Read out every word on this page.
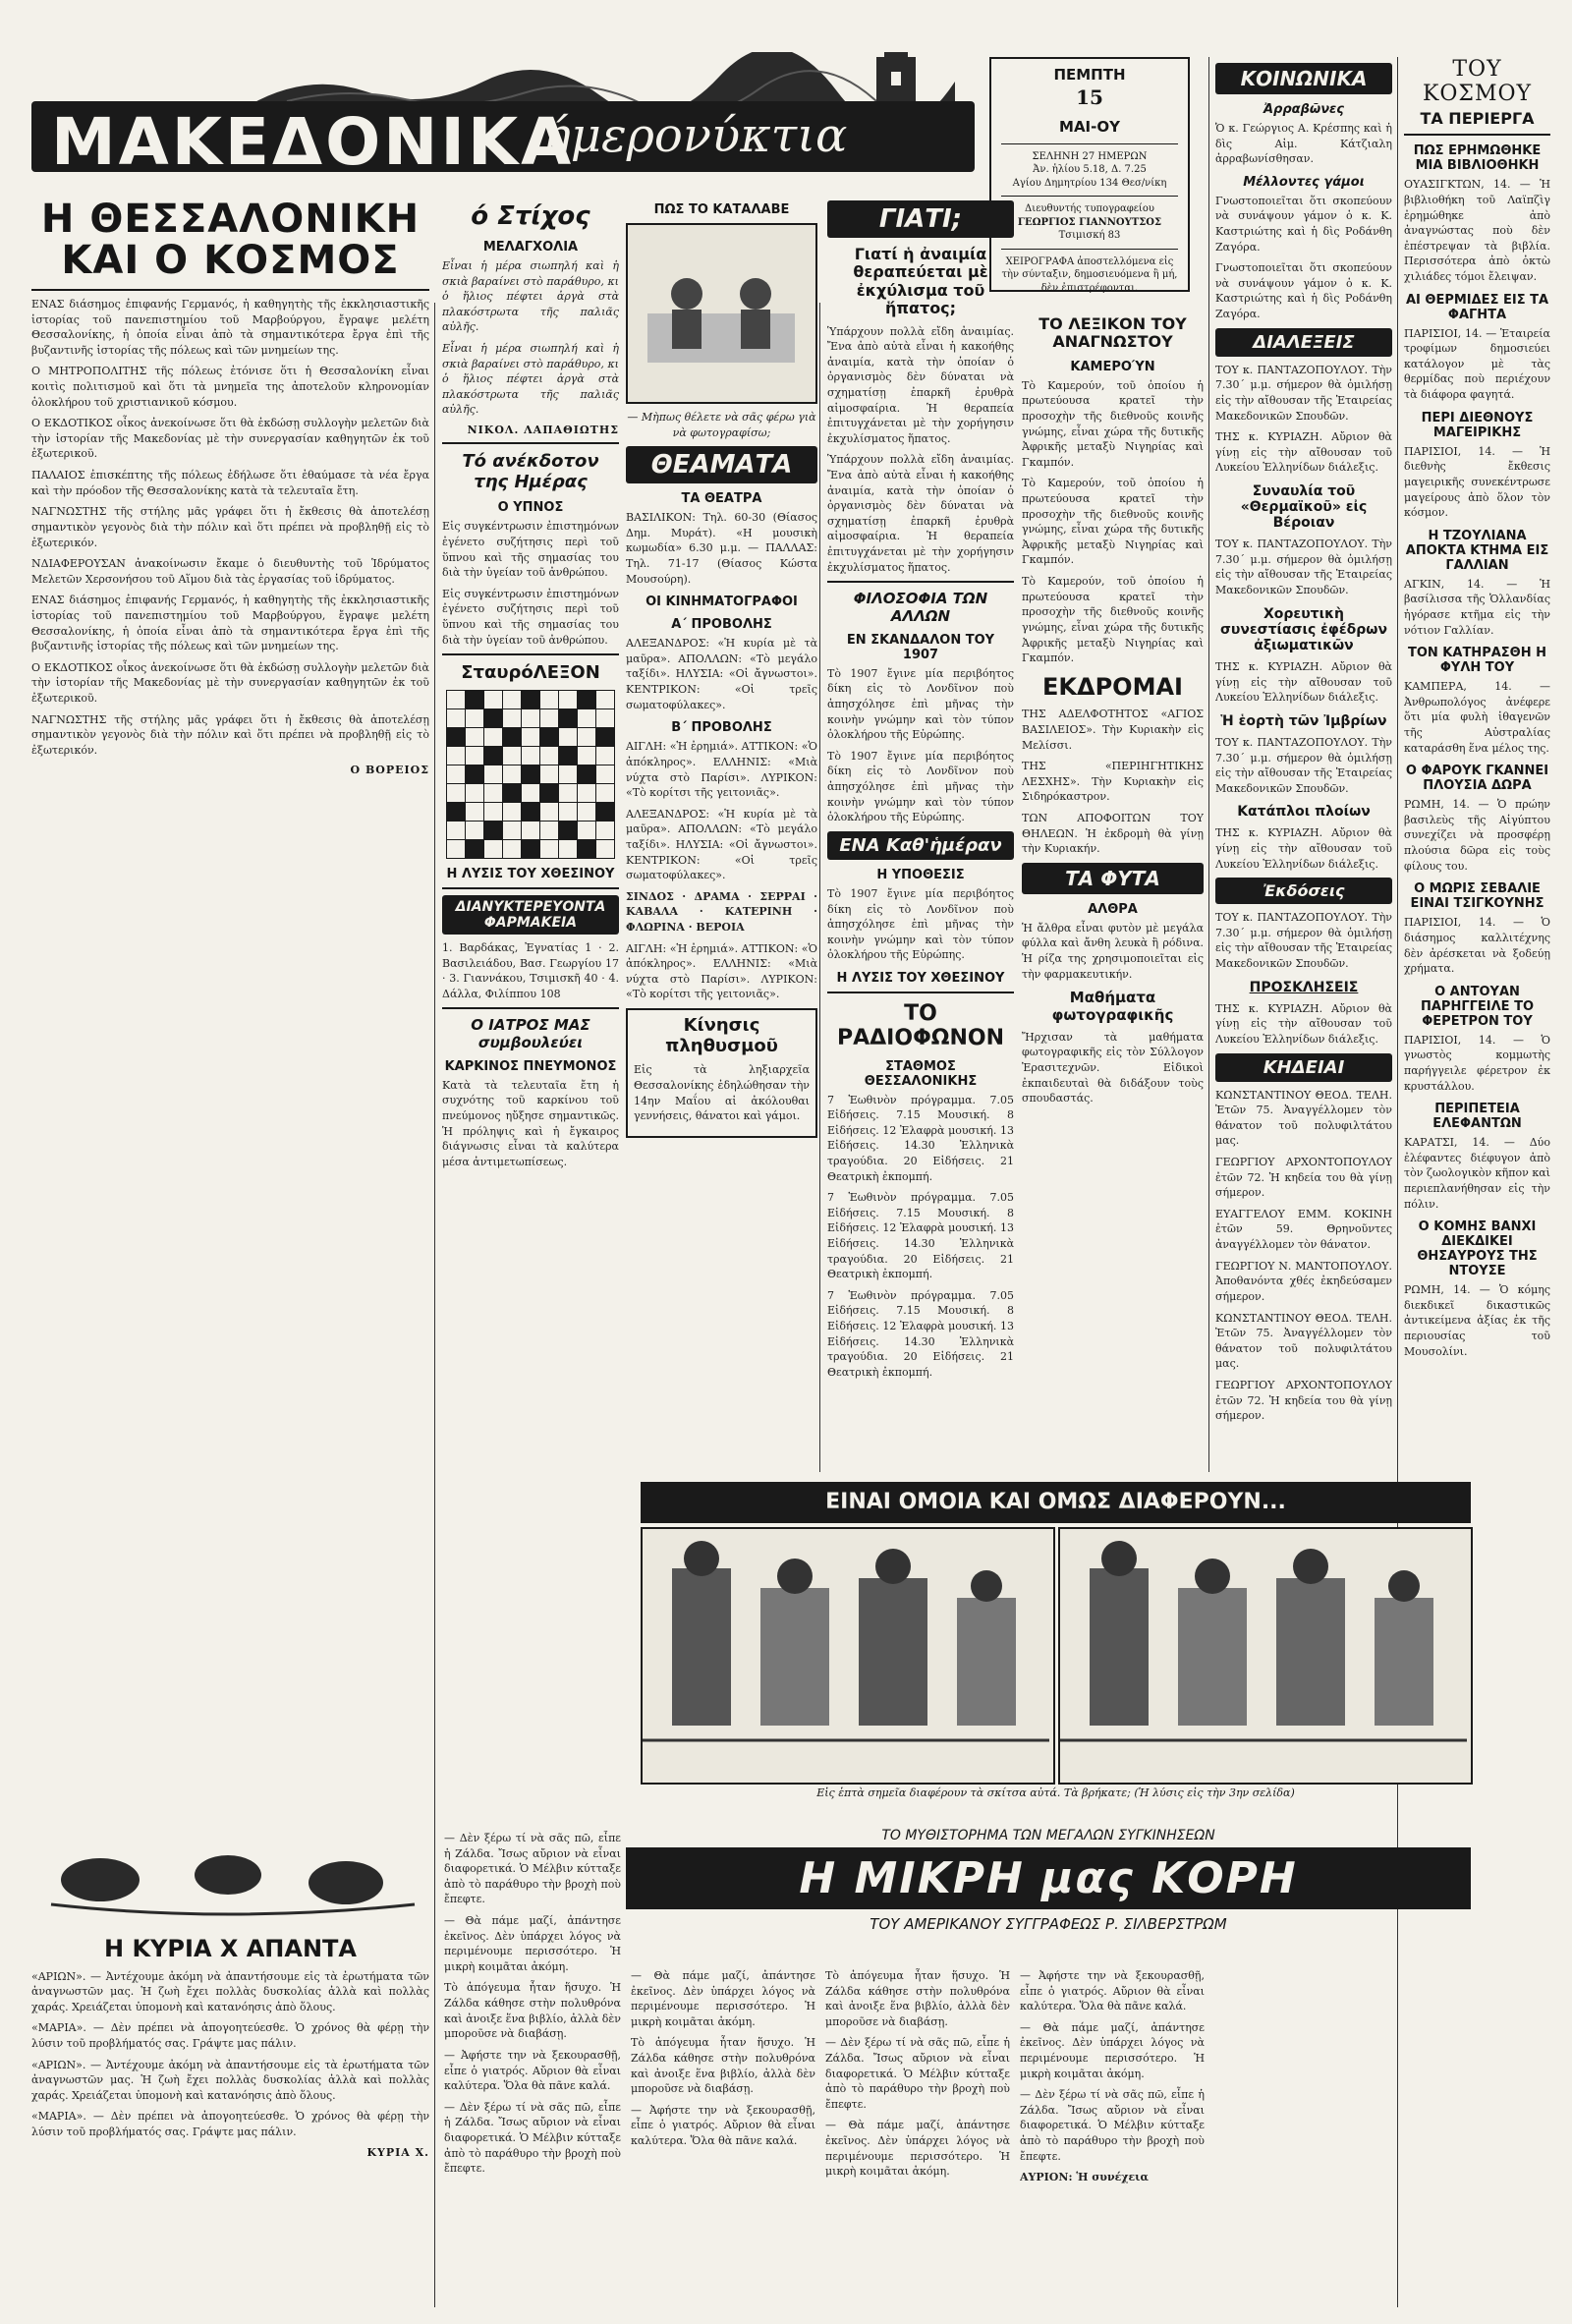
ΜΑΚΕΔΟΝΙΚΑ
ήμερονύκτια
ΠΕΜΠΤΗ
15
ΜΑΙ-ΟΥ
ΣΕΛΗΝΗ 27 ΗΜΕΡΩΝ
Ἀν. ἡλίου 5.18, Δ. 7.25
Αγίου Δημητρίου 134 Θεσ/νίκη
Διευθυντής τυπογραφείου
ΓΕΩΡΓΙΟΣ ΓΙΑΝΝΟΥΤΣΟΣ
Τσιμισκή 83
ΧΕΙΡΟΓΡΑΦΑ ἀποστελλόμενα εἰς τὴν σύνταξιν, δημοσιευόμενα ἢ μή, δὲν ἐπιστρέφονται.
Η ΘΕΣΣΑΛΟΝΙΚΗ ΚΑΙ Ο ΚΟΣΜΟΣ

ΕΝΑΣ διάσημος ἐπιφανής Γερμανός, ἡ καθηγητὴς τῆς ἐκκλησιαστικῆς ἱστορίας τοῦ πανεπιστημίου τοῦ Μαρβούργου, ἔγραψε μελέτη Θεσσαλονίκης, ἡ ὁποία εἶναι ἀπὸ τὰ σημαντικότερα ἔργα ἐπὶ τῆς βυζαντινῆς ἱστορίας τῆς πόλεως καὶ τῶν μνημείων της.

Ο ΜΗΤΡΟΠΟΛΙΤΗΣ τῆς πόλεως ἐτόνισε ὅτι ἡ Θεσσαλονίκη εἶναι κοιτὶς πολιτισμοῦ καὶ ὅτι τὰ μνημεῖα της ἀποτελοῦν κληρονομίαν ὁλοκλήρου τοῦ χριστιανικοῦ κόσμου.

Ο ΕΚΔΟΤΙΚΟΣ οἶκος ἀνεκοίνωσε ὅτι θὰ ἐκδώσῃ συλλογὴν μελετῶν διὰ τὴν ἱστορίαν τῆς Μακεδονίας μὲ τὴν συνεργασίαν καθηγητῶν ἐκ τοῦ ἐξωτερικοῦ.

ΠΑΛΑΙΟΣ ἐπισκέπτης τῆς πόλεως ἐδήλωσε ὅτι ἐθαύμασε τὰ νέα ἔργα καὶ τὴν πρόοδον τῆς Θεσσαλονίκης κατὰ τὰ τελευταῖα ἔτη.

ΝΑΓΝΩΣΤΗΣ τῆς στήλης μᾶς γράφει ὅτι ἡ ἔκθεσις θὰ ἀποτελέσῃ σημαντικὸν γεγονὸς διὰ τὴν πόλιν καὶ ὅτι πρέπει νὰ προβληθῇ εἰς τὸ ἐξωτερικόν.

ΝΔΙΑΦΕΡΟΥΣΑΝ ἀνακοίνωσιν ἔκαμε ὁ διευθυντὴς τοῦ Ἱδρύματος Μελετῶν Χερσονήσου τοῦ Αἵμου διὰ τὰς ἐργασίας τοῦ ἱδρύματος.

ΕΝΑΣ διάσημος ἐπιφανής Γερμανός, ἡ καθηγητὴς τῆς ἐκκλησιαστικῆς ἱστορίας τοῦ πανεπιστημίου τοῦ Μαρβούργου, ἔγραψε μελέτη Θεσσαλονίκης, ἡ ὁποία εἶναι ἀπὸ τὰ σημαντικότερα ἔργα ἐπὶ τῆς βυζαντινῆς ἱστορίας τῆς πόλεως καὶ τῶν μνημείων της.

Ο ΕΚΔΟΤΙΚΟΣ οἶκος ἀνεκοίνωσε ὅτι θὰ ἐκδώσῃ συλλογὴν μελετῶν διὰ τὴν ἱστορίαν τῆς Μακεδονίας μὲ τὴν συνεργασίαν καθηγητῶν ἐκ τοῦ ἐξωτερικοῦ.

ΝΑΓΝΩΣΤΗΣ τῆς στήλης μᾶς γράφει ὅτι ἡ ἔκθεσις θὰ ἀποτελέσῃ σημαντικὸν γεγονὸς διὰ τὴν πόλιν καὶ ὅτι πρέπει νὰ προβληθῇ εἰς τὸ ἐξωτερικόν.

Ο ΒΟΡΕΙΟΣ
Η ΚΥΡΙΑ Χ ΑΠΑΝΤΑ

«ΑΡΙΩΝ». — Ἀντέχουμε ἀκόμη νὰ ἀπαντήσουμε εἰς τὰ ἐρωτήματα τῶν ἀναγνωστῶν μας. Ἡ ζωὴ ἔχει πολλὰς δυσκολίας ἀλλὰ καὶ πολλὰς χαράς. Χρειάζεται ὑπομονὴ καὶ κατανόησις ἀπὸ ὅλους.

«ΜΑΡΙΑ». — Δὲν πρέπει νὰ ἀπογοητεύεσθε. Ὁ χρόνος θὰ φέρῃ τὴν λύσιν τοῦ προβλήματός σας. Γράψτε μας πάλιν.

«ΑΡΙΩΝ». — Ἀντέχουμε ἀκόμη νὰ ἀπαντήσουμε εἰς τὰ ἐρωτήματα τῶν ἀναγνωστῶν μας. Ἡ ζωὴ ἔχει πολλὰς δυσκολίας ἀλλὰ καὶ πολλὰς χαράς. Χρειάζεται ὑπομονὴ καὶ κατανόησις ἀπὸ ὅλους.

«ΜΑΡΙΑ». — Δὲν πρέπει νὰ ἀπογοητεύεσθε. Ὁ χρόνος θὰ φέρῃ τὴν λύσιν τοῦ προβλήματός σας. Γράψτε μας πάλιν.

ΚΥΡΙΑ Χ.
ό Στίχος
ΜΕΛΑΓΧΟΛΙΑ

Εἶναι ἡ μέρα σιωπηλή καὶ ἡ σκιὰ βαραίνει στὸ παράθυρο, κι ὁ ἥλιος πέφτει ἀργὰ στὰ πλακόστρωτα τῆς παλιᾶς αὐλῆς.

Εἶναι ἡ μέρα σιωπηλή καὶ ἡ σκιὰ βαραίνει στὸ παράθυρο, κι ὁ ἥλιος πέφτει ἀργὰ στὰ πλακόστρωτα τῆς παλιᾶς αὐλῆς.

ΝΙΚΟΛ. ΛΑΠΑΘΙΩΤΗΣ
Τό ανέκδοτον της Ημέρας
Ο ΥΠΝΟΣ

Εἰς συγκέντρωσιν ἐπιστημόνων ἐγένετο συζήτησις περὶ τοῦ ὕπνου καὶ τῆς σημασίας του διὰ τὴν ὑγείαν τοῦ ἀνθρώπου.

Εἰς συγκέντρωσιν ἐπιστημόνων ἐγένετο συζήτησις περὶ τοῦ ὕπνου καὶ τῆς σημασίας του διὰ τὴν ὑγείαν τοῦ ἀνθρώπου.

ΣταυρόΛΕΞΟΝ
Η ΛΥΣΙΣ ΤΟΥ ΧΘΕΣΙΝΟΥ
ΔΙΑΝΥΚΤΕΡΕΥΟΝΤΑ ΦΑΡΜΑΚΕΙΑ

1. Βαρδάκας, Ἐγνατίας 1 · 2. Βασιλειάδου, Βασ. Γεωργίου 17 · 3. Γιαννάκου, Τσιμισκῆ 40 · 4. Δάλλα, Φιλίππου 108

Ο ΙΑΤΡΟΣ ΜΑΣ συμβουλεύει
ΚΑΡΚΙΝΟΣ ΠΝΕΥΜΟΝΟΣ

Κατὰ τὰ τελευταῖα ἔτη ἡ συχνότης τοῦ καρκίνου τοῦ πνεύμονος ηὔξησε σημαντικῶς. Ἡ πρόληψις καὶ ἡ ἔγκαιρος διάγνωσις εἶναι τὰ καλύτερα μέσα ἀντιμετωπίσεως.

ΠΩΣ ΤΟ ΚΑΤΑΛΑΒΕ

— Μὴπως θέλετε νὰ σᾶς φέρω γιὰ νὰ φωτογραφίσω;

ΘΕΑΜΑΤΑ
ΤΑ ΘΕΑΤΡΑ

ΒΑΣΙΛΙΚΟΝ: Τηλ. 60-30 (Θίασος Δημ. Μυράτ). «Η μουσικὴ κωμωδία» 6.30 μ.μ. — ΠΑΛΛΑΣ: Τηλ. 71-17 (Θίασος Κώστα Μουσούρη).

ΟΙ ΚΙΝΗΜΑΤΟΓΡΑΦΟΙ
Α΄ ΠΡΟΒΟΛΗΣ

ΑΛΕΞΑΝΔΡΟΣ: «Ἡ κυρία μὲ τὰ μαῦρα». ΑΠΟΛΛΩΝ: «Τὸ μεγάλο ταξίδι». ΗΛΥΣΙΑ: «Οἱ ἄγνωστοι». ΚΕΝΤΡΙΚΟΝ: «Οἱ τρεῖς σωματοφύλακες».

Β΄ ΠΡΟΒΟΛΗΣ

ΑΙΓΛΗ: «Ἡ ἐρημιά». ΑΤΤΙΚΟΝ: «Ὁ ἀπόκληρος». ΕΛΛΗΝΙΣ: «Μιὰ νύχτα στὸ Παρίσι». ΛΥΡΙΚΟΝ: «Τὸ κορίτσι τῆς γειτονιᾶς».

ΑΛΕΞΑΝΔΡΟΣ: «Ἡ κυρία μὲ τὰ μαῦρα». ΑΠΟΛΛΩΝ: «Τὸ μεγάλο ταξίδι». ΗΛΥΣΙΑ: «Οἱ ἄγνωστοι». ΚΕΝΤΡΙΚΟΝ: «Οἱ τρεῖς σωματοφύλακες».

ΣΙΝΔΟΣ · ΔΡΑΜΑ · ΣΕΡΡΑΙ · ΚΑΒΑΛΑ · ΚΑΤΕΡΙΝΗ · ΦΛΩΡΙΝΑ · ΒΕΡΟΙΑ

ΑΙΓΛΗ: «Ἡ ἐρημιά». ΑΤΤΙΚΟΝ: «Ὁ ἀπόκληρος». ΕΛΛΗΝΙΣ: «Μιὰ νύχτα στὸ Παρίσι». ΛΥΡΙΚΟΝ: «Τὸ κορίτσι τῆς γειτονιᾶς».

Κίνησις πληθυσμοῦ

Εἰς τὰ ληξιαρχεῖα Θεσσαλονίκης ἐδηλώθησαν τὴν 14ην Μαΐου αἱ ἀκόλουθαι γεννήσεις, θάνατοι καὶ γάμοι.

ΓΙΑΤΙ;
Γιατί ἡ ἀναιμία θεραπεύεται μὲ ἐκχύλισμα τοῦ ἥπατος;

Ὑπάρχουν πολλὰ εἴδη ἀναιμίας. Ἔνα ἀπὸ αὐτὰ εἶναι ἡ κακοήθης ἀναιμία, κατὰ τὴν ὁποίαν ὁ ὀργανισμὸς δὲν δύναται νὰ σχηματίσῃ ἐπαρκῆ ἐρυθρὰ αἱμοσφαίρια. Ἡ θεραπεία ἐπιτυγχάνεται μὲ τὴν χορήγησιν ἐκχυλίσματος ἥπατος.

Ὑπάρχουν πολλὰ εἴδη ἀναιμίας. Ἔνα ἀπὸ αὐτὰ εἶναι ἡ κακοήθης ἀναιμία, κατὰ τὴν ὁποίαν ὁ ὀργανισμὸς δὲν δύναται νὰ σχηματίσῃ ἐπαρκῆ ἐρυθρὰ αἱμοσφαίρια. Ἡ θεραπεία ἐπιτυγχάνεται μὲ τὴν χορήγησιν ἐκχυλίσματος ἥπατος.

ΦΙΛΟΣΟΦΙΑ ΤΩΝ ΑΛΛΩΝ
ΕΝ ΣΚΑΝΔΑΛΟΝ ΤΟΥ 1907

Τὸ 1907 ἔγινε μία περιβόητος δίκη εἰς τὸ Λονδῖνον ποὺ ἀπησχόλησε ἐπὶ μῆνας τὴν κοινὴν γνώμην καὶ τὸν τύπον ὁλοκλήρου τῆς Εὐρώπης.

Τὸ 1907 ἔγινε μία περιβόητος δίκη εἰς τὸ Λονδῖνον ποὺ ἀπησχόλησε ἐπὶ μῆνας τὴν κοινὴν γνώμην καὶ τὸν τύπον ὁλοκλήρου τῆς Εὐρώπης.

ΕΝΑ Καθ'ἡμέραν
Η ΥΠΟΘΕΣΙΣ

Τὸ 1907 ἔγινε μία περιβόητος δίκη εἰς τὸ Λονδῖνον ποὺ ἀπησχόλησε ἐπὶ μῆνας τὴν κοινὴν γνώμην καὶ τὸν τύπον ὁλοκλήρου τῆς Εὐρώπης.

Η ΛΥΣΙΣ ΤΟΥ ΧΘΕΣΙΝΟΥ
ΤΟ ΡΑΔΙΟΦΩΝΟΝ
ΣΤΑΘΜΟΣ ΘΕΣΣΑΛΟΝΙΚΗΣ

7 Ἑωθινὸν πρόγραμμα. 7.05 Εἰδήσεις. 7.15 Μουσική. 8 Εἰδήσεις. 12 Ἐλαφρὰ μουσική. 13 Εἰδήσεις. 14.30 Ἑλληνικὰ τραγούδια. 20 Εἰδήσεις. 21 Θεατρικὴ ἐκπομπή.

7 Ἑωθινὸν πρόγραμμα. 7.05 Εἰδήσεις. 7.15 Μουσική. 8 Εἰδήσεις. 12 Ἐλαφρὰ μουσική. 13 Εἰδήσεις. 14.30 Ἑλληνικὰ τραγούδια. 20 Εἰδήσεις. 21 Θεατρικὴ ἐκπομπή.

7 Ἑωθινὸν πρόγραμμα. 7.05 Εἰδήσεις. 7.15 Μουσική. 8 Εἰδήσεις. 12 Ἐλαφρὰ μουσική. 13 Εἰδήσεις. 14.30 Ἑλληνικὰ τραγούδια. 20 Εἰδήσεις. 21 Θεατρικὴ ἐκπομπή.

ΤΟ ΛΕΞΙΚΟΝ ΤΟΥ ΑΝΑΓΝΩΣΤΟΥ
ΚΑΜΕΡΟΎΝ

Τὸ Καμερούν, τοῦ ὁποίου ἡ πρωτεύουσα κρατεῖ τὴν προσοχὴν τῆς διεθνοῦς κοινῆς γνώμης, εἶναι χώρα τῆς δυτικῆς Ἀφρικῆς μεταξὺ Νιγηρίας καὶ Γκαμπόν.

Τὸ Καμερούν, τοῦ ὁποίου ἡ πρωτεύουσα κρατεῖ τὴν προσοχὴν τῆς διεθνοῦς κοινῆς γνώμης, εἶναι χώρα τῆς δυτικῆς Ἀφρικῆς μεταξὺ Νιγηρίας καὶ Γκαμπόν.

Τὸ Καμερούν, τοῦ ὁποίου ἡ πρωτεύουσα κρατεῖ τὴν προσοχὴν τῆς διεθνοῦς κοινῆς γνώμης, εἶναι χώρα τῆς δυτικῆς Ἀφρικῆς μεταξὺ Νιγηρίας καὶ Γκαμπόν.

ΕΚΔΡΟΜΑΙ

ΤΗΣ ΑΔΕΛΦΟΤΗΤΟΣ «ΑΓΙΟΣ ΒΑΣΙΛΕΙΟΣ». Τὴν Κυριακὴν εἰς Μελίσσι.

ΤΗΣ «ΠΕΡΙΗΓΗΤΙΚΗΣ ΛΕΣΧΗΣ». Τὴν Κυριακὴν εἰς Σιδηρόκαστρον.

ΤΩΝ ΑΠΟΦΟΙΤΩΝ ΤΟΥ ΘΗΛΕΩΝ. Ἡ ἐκδρομὴ θὰ γίνῃ τὴν Κυριακήν.

ΤΑ ΦΥΤΑ
ΑΛΘΡΑ

Ἡ ἄλθρα εἶναι φυτὸν μὲ μεγάλα φύλλα καὶ ἄνθη λευκὰ ἢ ρόδινα. Ἡ ρίζα της χρησιμοποιεῖται εἰς τὴν φαρμακευτικήν.

Μαθήματα φωτογραφικῆς

Ἤρχισαν τὰ μαθήματα φωτογραφικῆς εἰς τὸν Σύλλογον Ἐρασιτεχνῶν. Εἰδικοὶ ἐκπαιδευταὶ θὰ διδάξουν τοὺς σπουδαστάς.

ΚΟΙΝΩΝΙΚΑ
Ἀρραβῶνες

Ὁ κ. Γεώργιος Α. Κρέσπης καὶ ἡ δὶς Αἰμ. Κάτζιαλη ἀρραβωνίσθησαν.

Μέλλοντες γάμοι

Γνωστοποιεῖται ὅτι σκοπεύουν νὰ συνάψουν γάμον ὁ κ. Κ. Καστριώτης καὶ ἡ δὶς Ροδάνθη Ζαγόρα.

Γνωστοποιεῖται ὅτι σκοπεύουν νὰ συνάψουν γάμον ὁ κ. Κ. Καστριώτης καὶ ἡ δὶς Ροδάνθη Ζαγόρα.

ΔΙΑΛΕΞΕΙΣ

ΤΟΥ κ. ΠΑΝΤΑΖΟΠΟΥΛΟΥ. Τὴν 7.30΄ μ.μ. σήμερον θὰ ὁμιλήσῃ εἰς τὴν αἴθουσαν τῆς Ἑταιρείας Μακεδονικῶν Σπουδῶν.

ΤΗΣ κ. ΚΥΡΙΑΖΗ. Αὔριον θὰ γίνῃ εἰς τὴν αἴθουσαν τοῦ Λυκείου Ἑλληνίδων διάλεξις.

Συναυλία τοῦ «Θερμαϊκοῦ» εἰς Βέροιαν

ΤΟΥ κ. ΠΑΝΤΑΖΟΠΟΥΛΟΥ. Τὴν 7.30΄ μ.μ. σήμερον θὰ ὁμιλήσῃ εἰς τὴν αἴθουσαν τῆς Ἑταιρείας Μακεδονικῶν Σπουδῶν.

Χορευτικὴ συνεστίασις ἐφέδρων ἀξιωματικῶν

ΤΗΣ κ. ΚΥΡΙΑΖΗ. Αὔριον θὰ γίνῃ εἰς τὴν αἴθουσαν τοῦ Λυκείου Ἑλληνίδων διάλεξις.

Ἡ ἑορτὴ τῶν Ἰμβρίων

ΤΟΥ κ. ΠΑΝΤΑΖΟΠΟΥΛΟΥ. Τὴν 7.30΄ μ.μ. σήμερον θὰ ὁμιλήσῃ εἰς τὴν αἴθουσαν τῆς Ἑταιρείας Μακεδονικῶν Σπουδῶν.

Κατάπλοι πλοίων

ΤΗΣ κ. ΚΥΡΙΑΖΗ. Αὔριον θὰ γίνῃ εἰς τὴν αἴθουσαν τοῦ Λυκείου Ἑλληνίδων διάλεξις.

Ἐκδόσεις

ΤΟΥ κ. ΠΑΝΤΑΖΟΠΟΥΛΟΥ. Τὴν 7.30΄ μ.μ. σήμερον θὰ ὁμιλήσῃ εἰς τὴν αἴθουσαν τῆς Ἑταιρείας Μακεδονικῶν Σπουδῶν.

ΠΡΟΣΚΛΗΣΕΙΣ

ΤΗΣ κ. ΚΥΡΙΑΖΗ. Αὔριον θὰ γίνῃ εἰς τὴν αἴθουσαν τοῦ Λυκείου Ἑλληνίδων διάλεξις.

ΚΗΔΕΙΑΙ

ΚΩΝΣΤΑΝΤΙΝΟΥ ΘΕΟΔ. ΤΕΛΗ. Ἐτῶν 75. Ἀναγγέλλομεν τὸν θάνατον τοῦ πολυφιλτάτου μας.

ΓΕΩΡΓΙΟΥ ΑΡΧΟΝΤΟΠΟΥΛΟΥ ἐτῶν 72. Ἡ κηδεία του θὰ γίνῃ σήμερον.

ΕΥΑΓΓΕΛΟΥ ΕΜΜ. ΚΟΚΙΝΗ ἐτῶν 59. Θρηνοῦντες ἀναγγέλλομεν τὸν θάνατον.

ΓΕΩΡΓΙΟΥ Ν. ΜΑΝΤΟΠΟΥΛΟΥ. Ἀποθανόντα χθές ἐκηδεύσαμεν σήμερον.

ΚΩΝΣΤΑΝΤΙΝΟΥ ΘΕΟΔ. ΤΕΛΗ. Ἐτῶν 75. Ἀναγγέλλομεν τὸν θάνατον τοῦ πολυφιλτάτου μας.

ΓΕΩΡΓΙΟΥ ΑΡΧΟΝΤΟΠΟΥΛΟΥ ἐτῶν 72. Ἡ κηδεία του θὰ γίνῃ σήμερον.

ΤΟΥ ΚΟΣΜΟΥ
ΤΑ ΠΕΡΙΕΡΓΑ
ΠΩΣ ΕΡΗΜΩΘΗΚΕ ΜΙΑ ΒΙΒΛΙΟΘΗΚΗ

ΟΥΑΣΙΓΚΤΩΝ, 14. — Ἡ βιβλιοθήκη τοῦ Λαϊπζὶγ ἐρημώθηκε ἀπὸ ἀναγνώστας ποὺ δὲν ἐπέστρεψαν τὰ βιβλία. Περισσότερα ἀπὸ ὀκτὼ χιλιάδες τόμοι ἔλειψαν.

ΑΙ ΘΕΡΜΙΔΕΣ ΕΙΣ ΤΑ ΦΑΓΗΤΑ

ΠΑΡΙΣΙΟΙ, 14. — Ἑταιρεία τροφίμων δημοσιεύει κατάλογον μὲ τὰς θερμίδας ποὺ περιέχουν τὰ διάφορα φαγητά.

ΠΕΡΙ ΔΙΕΘΝΟΥΣ ΜΑΓΕΙΡΙΚΗΣ

ΠΑΡΙΣΙΟΙ, 14. — Ἡ διεθνὴς ἔκθεσις μαγειρικῆς συνεκέντρωσε μαγείρους ἀπὸ ὅλον τὸν κόσμον.

Η ΤΖΟΥΛΙΑΝΑ ΑΠΟΚΤΑ ΚΤΗΜΑ ΕΙΣ ΓΑΛΛΙΑΝ

ΑΓΚΙΝ, 14. — Ἡ βασίλισσα τῆς Ὁλλανδίας ἠγόρασε κτῆμα εἰς τὴν νότιον Γαλλίαν.

ΤΟΝ ΚΑΤΗΡΑΣΘΗ Η ΦΥΛΗ ΤΟΥ

ΚΑΜΠΕΡΑ, 14. — Ἀνθρωπολόγος ἀνέφερε ὅτι μία φυλὴ ἰθαγενῶν τῆς Αὐστραλίας καταράσθη ἕνα μέλος της.

Ο ΦΑΡΟΥΚ ΓΚΑΝΝΕΙ ΠΛΟΥΣΙΑ ΔΩΡΑ

ΡΩΜΗ, 14. — Ὁ πρώην βασιλεὺς τῆς Αἰγύπτου συνεχίζει νὰ προσφέρῃ πλούσια δῶρα εἰς τοὺς φίλους του.

Ο ΜΩΡΙΣ ΣΕΒΑΛΙΕ ΕΙΝΑΙ ΤΣΙΓΚΟΥΝΗΣ

ΠΑΡΙΣΙΟΙ, 14. — Ὁ διάσημος καλλιτέχνης δὲν ἀρέσκεται νὰ ξοδεύῃ χρήματα.

Ο ΑΝΤΟΥΑΝ ΠΑΡΗΓΓΕΙΛΕ ΤΟ ΦΕΡΕΤΡΟΝ ΤΟΥ

ΠΑΡΙΣΙΟΙ, 14. — Ὁ γνωστὸς κομμωτὴς παρήγγειλε φέρετρον ἐκ κρυστάλλου.

ΠΕΡΙΠΕΤΕΙΑ ΕΛΕΦΑΝΤΩΝ

ΚΑΡΑΤΣΙ, 14. — Δύο ἐλέφαντες διέφυγον ἀπὸ τὸν ζωολογικὸν κῆπον καὶ περιεπλανήθησαν εἰς τὴν πόλιν.

Ο ΚΟΜΗΣ ΒΑΝΧΙ ΔΙΕΚΔΙΚΕΙ ΘΗΣΑΥΡΟΥΣ ΤΗΣ ΝΤΟΥΣΕ

ΡΩΜΗ, 14. — Ὁ κόμης διεκδικεῖ δικαστικῶς ἀντικείμενα ἀξίας ἐκ τῆς περιουσίας τοῦ Μουσολίνι.

ΕΙΝΑΙ ΟΜΟΙΑ ΚΑΙ ΟΜΩΣ ΔΙΑΦΕΡΟΥΝ...
Εἰς ἑπτὰ σημεῖα διαφέρουν τὰ σκίτσα αὐτά. Τὰ βρήκατε; (Ἡ λύσις εἰς τὴν 3ην σελίδα)
ΤΟ ΜΥΘΙΣΤΟΡΗΜΑ ΤΩΝ ΜΕΓΑΛΩΝ ΣΥΓΚΙΝΗΣΕΩΝ
Η ΜΙΚΡΗ μας ΚΟΡΗ
ΤΟΥ ΑΜΕΡΙΚΑΝΟΥ ΣΥΓΓΡΑΦΕΩΣ Ρ. ΣΙΛΒΕΡΣΤΡΩΜ

— Δὲν ξέρω τί νὰ σᾶς πῶ, εἶπε ἡ Ζάλδα. Ἴσως αὔριον νὰ εἶναι διαφορετικά. Ὁ Μέλβιν κύτταξε ἀπὸ τὸ παράθυρο τὴν βροχὴ ποὺ ἔπεφτε.

— Θὰ πάμε μαζί, ἀπάντησε ἐκεῖνος. Δὲν ὑπάρχει λόγος νὰ περιμένουμε περισσότερο. Ἡ μικρὴ κοιμᾶται ἀκόμη.

Τὸ ἀπόγευμα ἦταν ἥσυχο. Ἡ Ζάλδα κάθησε στὴν πολυθρόνα καὶ ἀνοιξε ἕνα βιβλίο, ἀλλὰ δὲν μποροῦσε νὰ διαβάσῃ.

— Ἀφήστε την νὰ ξεκουρασθῇ, εἶπε ὁ γιατρός. Αὔριον θὰ εἶναι καλύτερα. Ὅλα θὰ πᾶνε καλά.

— Δὲν ξέρω τί νὰ σᾶς πῶ, εἶπε ἡ Ζάλδα. Ἴσως αὔριον νὰ εἶναι διαφορετικά. Ὁ Μέλβιν κύτταξε ἀπὸ τὸ παράθυρο τὴν βροχὴ ποὺ ἔπεφτε.

— Θὰ πάμε μαζί, ἀπάντησε ἐκεῖνος. Δὲν ὑπάρχει λόγος νὰ περιμένουμε περισσότερο. Ἡ μικρὴ κοιμᾶται ἀκόμη.

Τὸ ἀπόγευμα ἦταν ἥσυχο. Ἡ Ζάλδα κάθησε στὴν πολυθρόνα καὶ ἀνοιξε ἕνα βιβλίο, ἀλλὰ δὲν μποροῦσε νὰ διαβάσῃ.

— Ἀφήστε την νὰ ξεκουρασθῇ, εἶπε ὁ γιατρός. Αὔριον θὰ εἶναι καλύτερα. Ὅλα θὰ πᾶνε καλά.

Τὸ ἀπόγευμα ἦταν ἥσυχο. Ἡ Ζάλδα κάθησε στὴν πολυθρόνα καὶ ἀνοιξε ἕνα βιβλίο, ἀλλὰ δὲν μποροῦσε νὰ διαβάσῃ.

— Δὲν ξέρω τί νὰ σᾶς πῶ, εἶπε ἡ Ζάλδα. Ἴσως αὔριον νὰ εἶναι διαφορετικά. Ὁ Μέλβιν κύτταξε ἀπὸ τὸ παράθυρο τὴν βροχὴ ποὺ ἔπεφτε.

— Θὰ πάμε μαζί, ἀπάντησε ἐκεῖνος. Δὲν ὑπάρχει λόγος νὰ περιμένουμε περισσότερο. Ἡ μικρὴ κοιμᾶται ἀκόμη.

— Ἀφήστε την νὰ ξεκουρασθῇ, εἶπε ὁ γιατρός. Αὔριον θὰ εἶναι καλύτερα. Ὅλα θὰ πᾶνε καλά.

— Θὰ πάμε μαζί, ἀπάντησε ἐκεῖνος. Δὲν ὑπάρχει λόγος νὰ περιμένουμε περισσότερο. Ἡ μικρὴ κοιμᾶται ἀκόμη.

— Δὲν ξέρω τί νὰ σᾶς πῶ, εἶπε ἡ Ζάλδα. Ἴσως αὔριον νὰ εἶναι διαφορετικά. Ὁ Μέλβιν κύτταξε ἀπὸ τὸ παράθυρο τὴν βροχὴ ποὺ ἔπεφτε.

ΑΥΡΙΟΝ: Ἡ συνέχεια
